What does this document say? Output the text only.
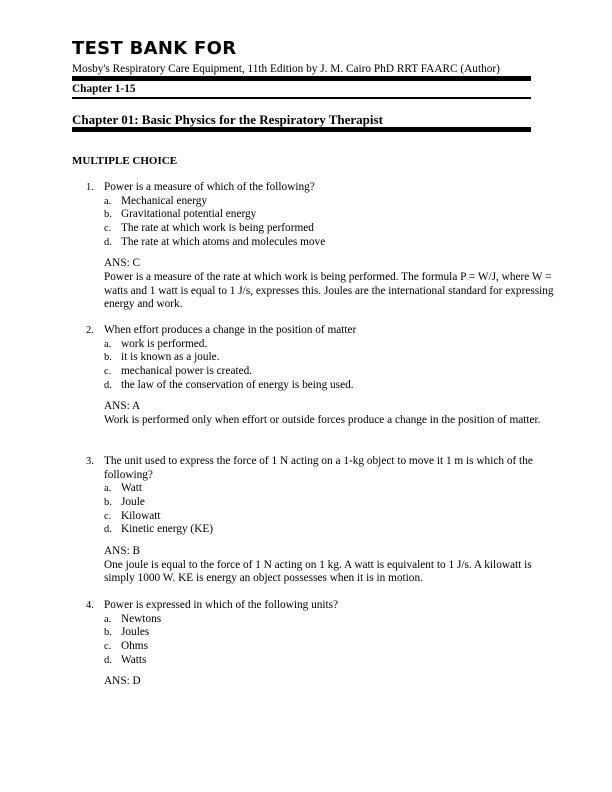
TEST BANK FOR
Mosby's Respiratory Care Equipment, 11th Edition by J. M. Cairo PhD RRT FAARC (Author)
Chapter 1-15
Chapter 01: Basic Physics for the Respiratory Therapist
MULTIPLE CHOICE
1. Power is a measure of which of the following?
a. Mechanical energy
b. Gravitational potential energy
c. The rate at which work is being performed
d. The rate at which atoms and molecules move
ANS: C
Power is a measure of the rate at which work is being performed. The formula P = W/J, where W = watts and 1 watt is equal to 1 J/s, expresses this. Joules are the international standard for expressing energy and work.
2. When effort produces a change in the position of matter
a. work is performed.
b. it is known as a joule.
c. mechanical power is created.
d. the law of the conservation of energy is being used.
ANS: A
Work is performed only when effort or outside forces produce a change in the position of matter.
3. The unit used to express the force of 1 N acting on a 1-kg object to move it 1 m is which of the following?
a. Watt
b. Joule
c. Kilowatt
d. Kinetic energy (KE)
ANS: B
One joule is equal to the force of 1 N acting on 1 kg. A watt is equivalent to 1 J/s. A kilowatt is simply 1000 W. KE is energy an object possesses when it is in motion.
4. Power is expressed in which of the following units?
a. Newtons
b. Joules
c. Ohms
d. Watts
ANS: D
